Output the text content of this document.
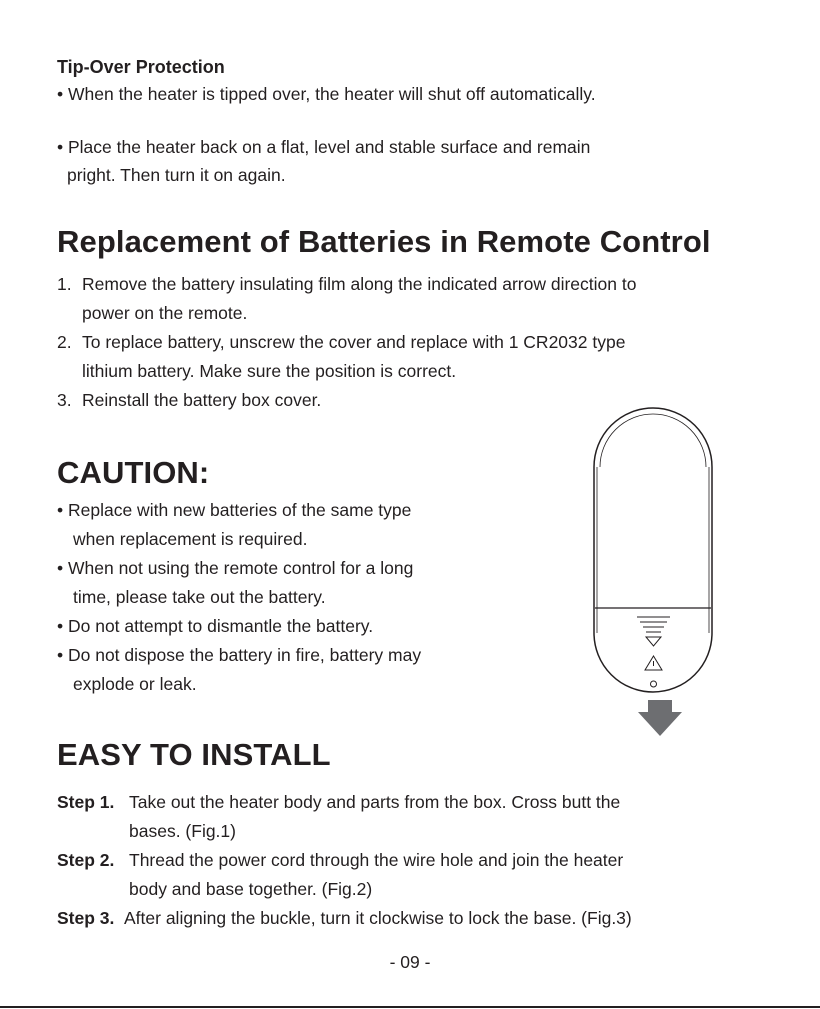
Tip-Over Protection
• When the heater is tipped over, the heater will shut off automatically.
• Place the heater back on a flat, level and stable surface and remain
pright. Then turn it on again.
Replacement of Batteries in Remote Control
1. Remove the battery insulating film along the indicated arrow direction to
power on the remote.
2. To replace battery, unscrew the cover and replace with 1 CR2032 type
lithium battery. Make sure the position is correct.
3. Reinstall the battery box cover.
CAUTION:
• Replace with new batteries of the same type
when replacement is required.
• When not using the remote control for a long
time, please take out the battery.
• Do not attempt to dismantle the battery.
• Do not dispose the battery in fire, battery may
explode or leak.
EASY TO INSTALL
Step 1. Take out the heater body and parts from the box. Cross butt the
bases. (Fig.1)
Step 2. Thread the power cord through the wire hole and join the heater
body and base together. (Fig.2)
Step 3. After aligning the buckle, turn it clockwise to lock the base. (Fig.3)
- 09 -
